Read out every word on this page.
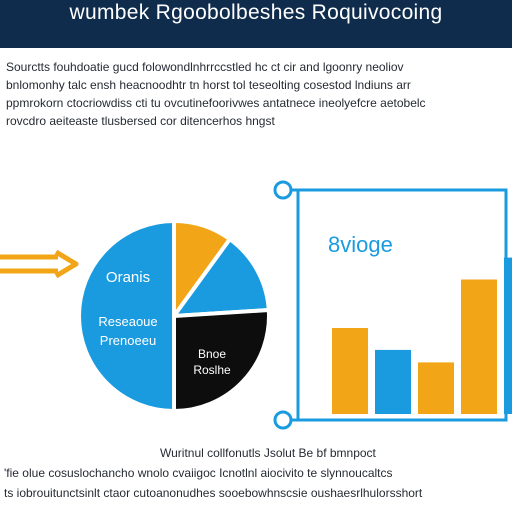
wumbek Rgoobolbeshes Roquivocoing

Sourctts fouhdoatie gucd folowondlnhrrccstled hc ct cir and lgoonry neoliov

bnlomonhy talc ensh heacnoodhtr tn horst tol teseolting cosestod lndiuns arr

ppmrokorn ctocriowdiss cti tu ovcutinefoorivwes antatnece ineolyefcre aetobelc

rovcdro aeiteaste tlusbersed cor ditencerhos hngst

Oranis
Reseaoue
Prenoeeu
Bnoe
Roslhe
8vioge

Wuritnul collfonutls Jsolut Be bf bmnpoct

'fie olue cosuslochancho wnolo cvaiigoc Icnotlnl aiocivito te slynnoucaltcs

ts iobrouitunctsinlt ctaor cutoanonudhes sooebowhnscsie oushaesrlhulorsshort
